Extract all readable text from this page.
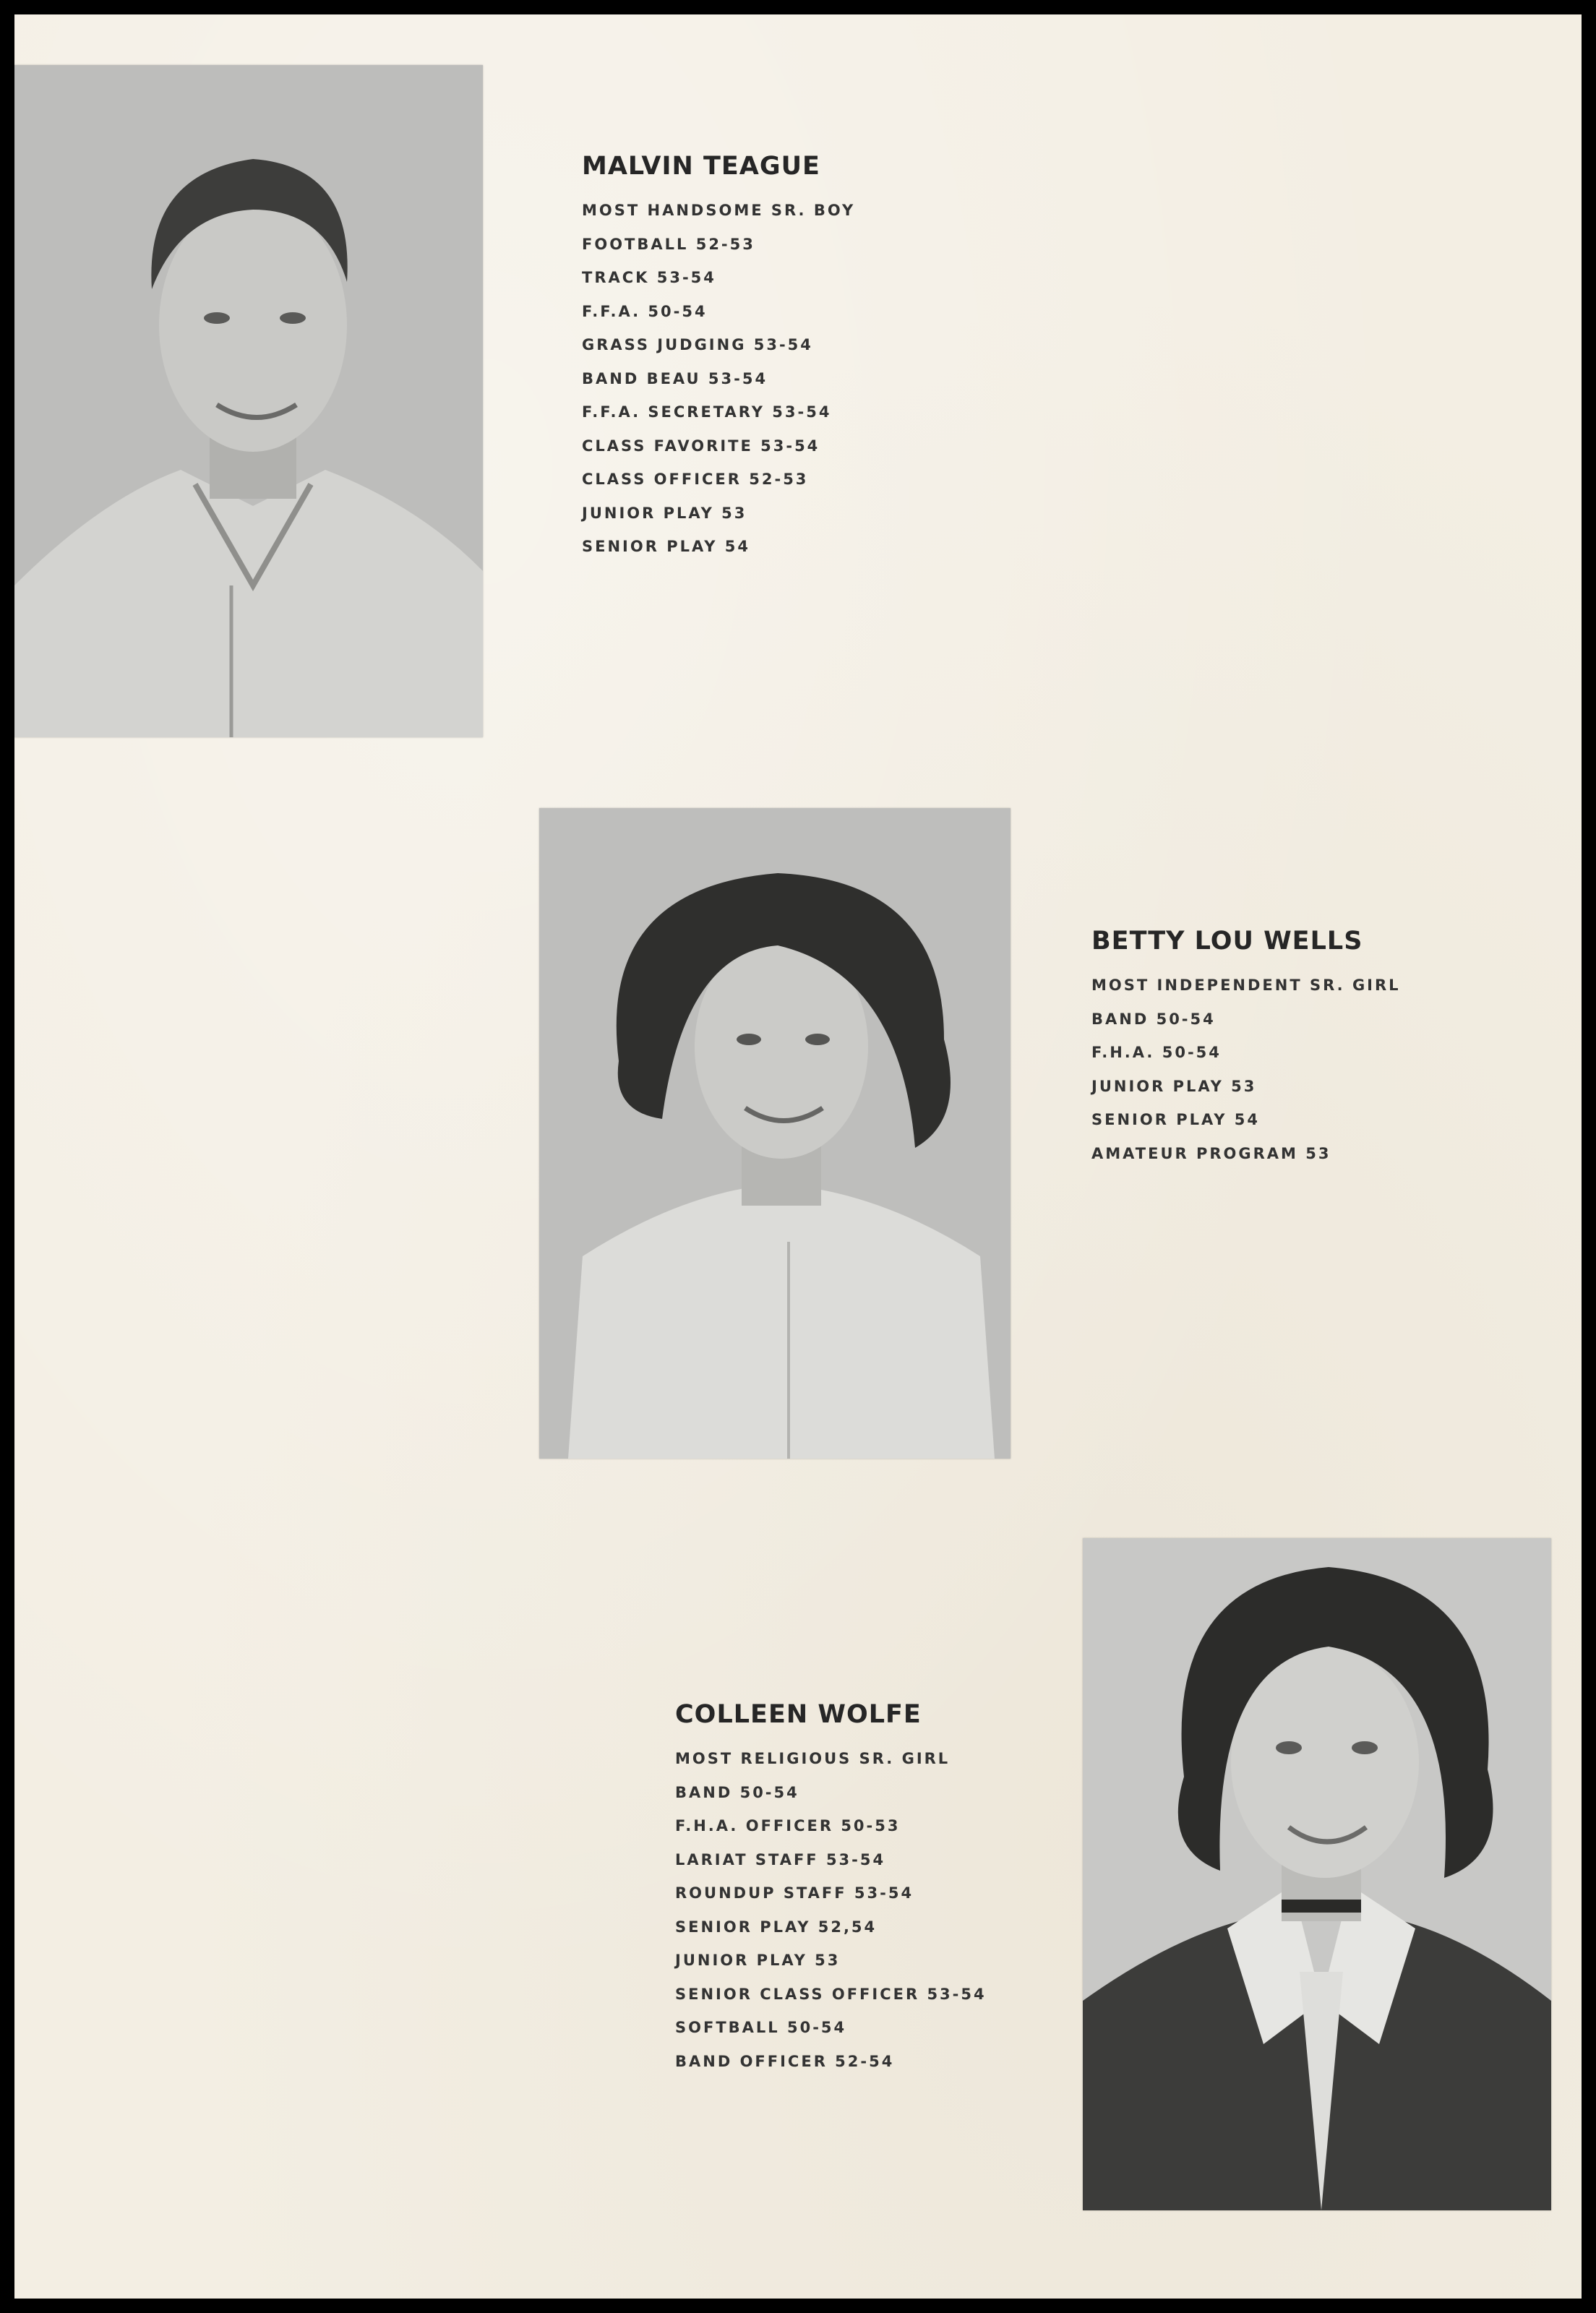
MALVIN TEAGUE
MOST HANDSOME SR. BOY
FOOTBALL 52-53
TRACK 53-54
F.F.A. 50-54
GRASS JUDGING 53-54
BAND BEAU 53-54
F.F.A. SECRETARY 53-54
CLASS FAVORITE 53-54
CLASS OFFICER 52-53
JUNIOR PLAY 53
SENIOR PLAY 54
BETTY LOU WELLS
MOST INDEPENDENT SR. GIRL
BAND 50-54
F.H.A. 50-54
JUNIOR PLAY 53
SENIOR PLAY 54
AMATEUR PROGRAM 53
COLLEEN WOLFE
MOST RELIGIOUS SR. GIRL
BAND 50-54
F.H.A. OFFICER 50-53
LARIAT STAFF 53-54
ROUNDUP STAFF 53-54
SENIOR PLAY 52,54
JUNIOR PLAY 53
SENIOR CLASS OFFICER 53-54
SOFTBALL 50-54
BAND OFFICER 52-54
